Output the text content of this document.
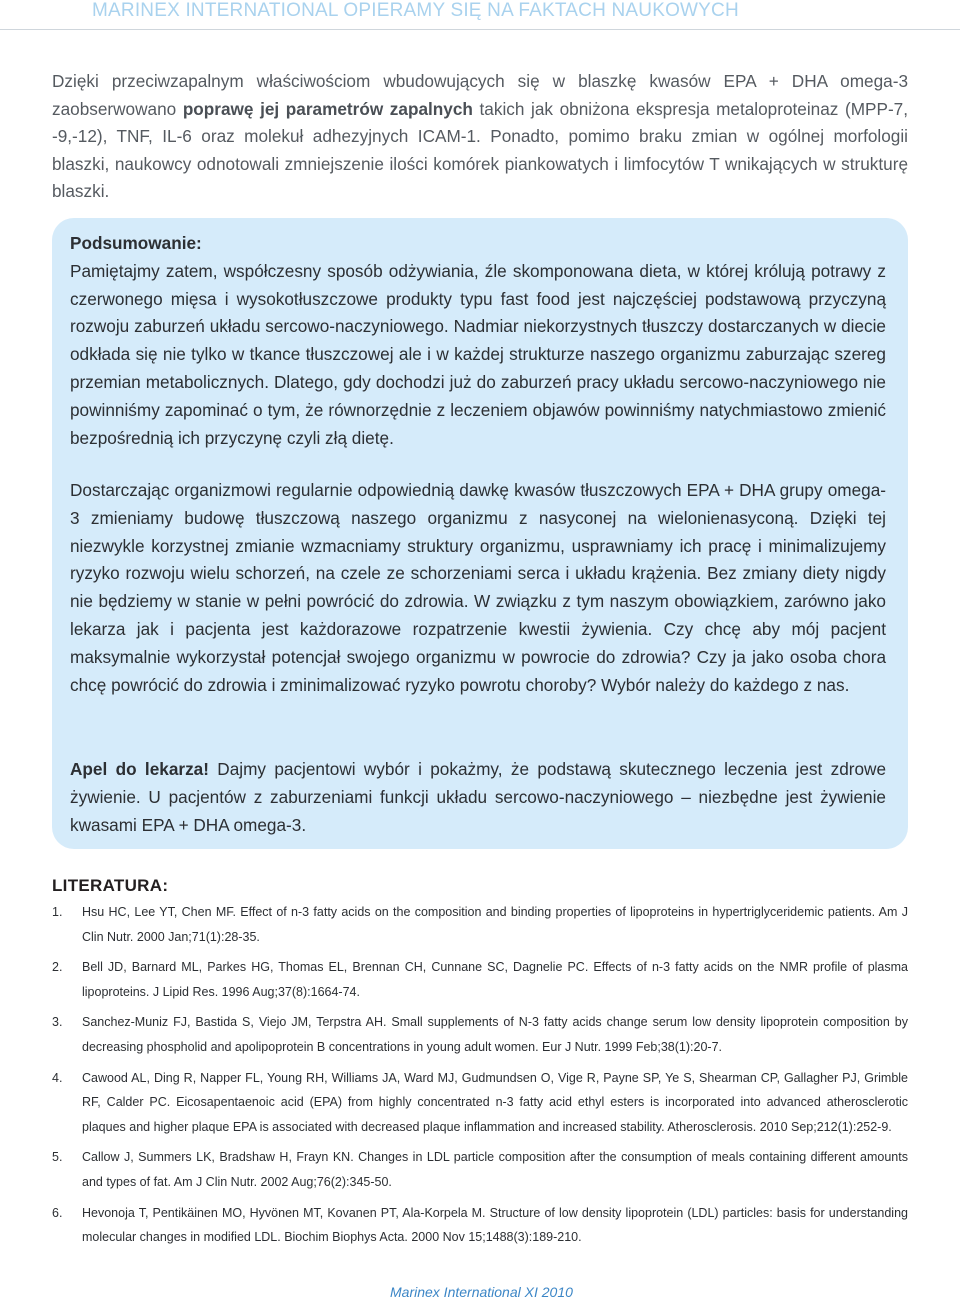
MARINEX INTERNATIONAL OPIERAMY SIĘ NA FAKTACH NAUKOWYCH

Dzięki przeciwzapalnym właściwościom wbudowujących się w blaszkę kwasów EPA + DHA omega-3 zaobserwowano poprawę jej parametrów zapalnych takich jak obniżona ekspresja metaloproteinaz (MPP-7, -9,-12), TNF, IL-6 oraz molekuł adhezyjnych ICAM-1. Ponadto, pomimo braku zmian w ogólnej morfologii blaszki, naukowcy odnotowali zmniejszenie ilości komórek piankowatych i limfocytów T wnikających w strukturę blaszki.

Podsumowanie:
Pamiętajmy zatem, współczesny sposób odżywiania, źle skomponowana dieta, w której królują potrawy z czerwonego mięsa i wysokotłuszczowe produkty typu fast food jest najczęściej podstawową przyczyną rozwoju zaburzeń układu sercowo-naczyniowego. Nadmiar niekorzystnych tłuszczy dostarczanych w diecie odkłada się nie tylko w tkance tłuszczowej ale i w każdej strukturze naszego organizmu zaburzając szereg przemian metabolicznych. Dlatego, gdy dochodzi już do zaburzeń pracy układu sercowo-naczyniowego nie powinniśmy zapominać o tym, że równorzędnie z leczeniem objawów powinniśmy natychmiastowo zmienić bezpośrednią ich przyczynę czyli złą dietę.

Dostarczając organizmowi regularnie odpowiednią dawkę kwasów tłuszczowych EPA + DHA grupy omega-3 zmieniamy budowę tłuszczową naszego organizmu z nasyconej na wielonienasyconą. Dzięki tej niezwykle korzystnej zmianie wzmacniamy struktury organizmu, usprawniamy ich pracę i minimalizujemy ryzyko rozwoju wielu schorzeń, na czele ze schorzeniami serca i układu krążenia. Bez zmiany diety nigdy nie będziemy w stanie w pełni powrócić do zdrowia. W związku z tym naszym obowiązkiem, zarówno jako lekarza jak i pacjenta jest każdorazowe rozpatrzenie kwestii żywienia. Czy chcę aby mój pacjent maksymalnie wykorzystał potencjał swojego organizmu w powrocie do zdrowia? Czy ja jako osoba chora chcę powrócić do zdrowia i zminimalizować ryzyko powrotu choroby? Wybór należy do każdego z nas.

Apel do lekarza! Dajmy pacjentowi wybór i pokażmy, że podstawą skutecznego leczenia jest zdrowe żywienie. U pacjentów z zaburzeniami funkcji układu sercowo-naczyniowego – niezbędne jest żywienie kwasami EPA + DHA omega-3.

LITERATURA:
1. Hsu HC, Lee YT, Chen MF. Effect of n-3 fatty acids on the composition and binding properties of lipoproteins in hypertriglyceridemic patients. Am J Clin Nutr. 2000 Jan;71(1):28-35.
2. Bell JD, Barnard ML, Parkes HG, Thomas EL, Brennan CH, Cunnane SC, Dagnelie PC. Effects of n-3 fatty acids on the NMR profile of plasma lipoproteins. J Lipid Res. 1996 Aug;37(8):1664-74.
3. Sanchez-Muniz FJ, Bastida S, Viejo JM, Terpstra AH. Small supplements of N-3 fatty acids change serum low density lipoprotein composition by decreasing phospholid and apolipoprotein B concentrations in young adult women. Eur J Nutr. 1999 Feb;38(1):20-7.
4. Cawood AL, Ding R, Napper FL, Young RH, Williams JA, Ward MJ, Gudmundsen O, Vige R, Payne SP, Ye S, Shearman CP, Gallagher PJ, Grimble RF, Calder PC. Eicosapentaenoic acid (EPA) from highly concentrated n-3 fatty acid ethyl esters is incorporated into advanced atherosclerotic plaques and higher plaque EPA is associated with decreased plaque inflammation and increased stability. Atherosclerosis. 2010 Sep;212(1):252-9.
5. Callow J, Summers LK, Bradshaw H, Frayn KN. Changes in LDL particle composition after the consumption of meals containing different amounts and types of fat. Am J Clin Nutr. 2002 Aug;76(2):345-50.
6. Hevonoja T, Pentikäinen MO, Hyvönen MT, Kovanen PT, Ala-Korpela M. Structure of low density lipoprotein (LDL) particles: basis for understanding molecular changes in modified LDL. Biochim Biophys Acta. 2000 Nov 15;1488(3):189-210.
Marinex International XI 2010
